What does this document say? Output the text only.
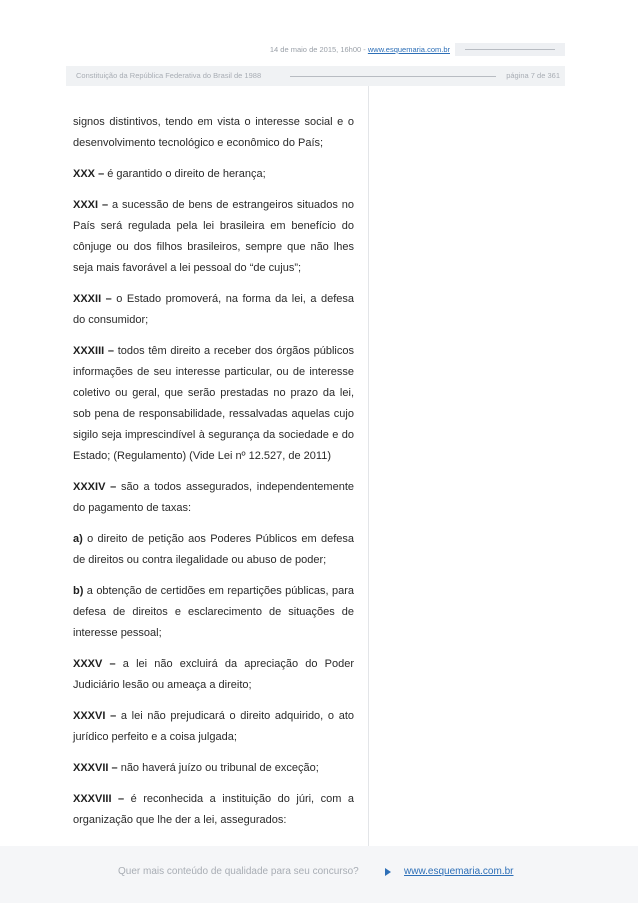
14 de maio de 2015, 16h00 - www.esquemaria.com.br
Constituição da República Federativa do Brasil de 1988	página 7 de 361

signos distintivos, tendo em vista o interesse social e o desenvolvimento tecnológico e econômico do País;

XXX – é garantido o direito de herança;

XXXI – a sucessão de bens de estrangeiros situados no País será regulada pela lei brasileira em benefício do cônjuge ou dos filhos brasileiros, sempre que não lhes seja mais favorável a lei pessoal do “de cujus”;

XXXII – o Estado promoverá, na forma da lei, a defesa do consumidor;

XXXIII – todos têm direito a receber dos órgãos públicos informações de seu interesse particular, ou de interesse coletivo ou geral, que serão prestadas no prazo da lei, sob pena de responsabilidade, ressalvadas aquelas cujo sigilo seja imprescindível à segurança da sociedade e do Estado; (Regulamento) (Vide Lei nº 12.527, de 2011)

XXXIV – são a todos assegurados, independentemente do pagamento de taxas:

a) o direito de petição aos Poderes Públicos em defesa de direitos ou contra ilegalidade ou abuso de poder;

b) a obtenção de certidões em repartições públicas, para defesa de direitos e esclarecimento de situações de interesse pessoal;

XXXV – a lei não excluirá da apreciação do Poder Judiciário lesão ou ameaça a direito;

XXXVI – a lei não prejudicará o direito adquirido, o ato jurídico perfeito e a coisa julgada;

XXXVII – não haverá juízo ou tribunal de exceção;

XXXVIII – é reconhecida a instituição do júri, com a organização que lhe der a lei, assegurados:

Quer mais conteúdo de qualidade para seu concurso?	www.esquemaria.com.br
